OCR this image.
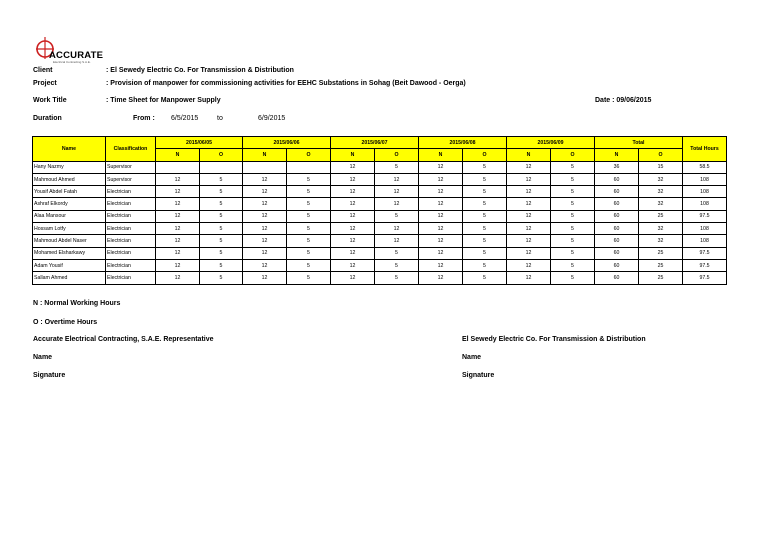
ACCURATE
Electrical Contracting S.A.E.
Client	: El Sewedy Electric Co. For Transmission & Distribution
Project	: Provision of manpower for commissioning activities for EEHC Substations in Sohag (Beit Dawood - Oerga)
Work Title	: Time Sheet for Manpower Supply	Date : 09/06/2015
Duration	From : 6/5/2015	to	6/9/2015
Name	Classification	2015/06/05		2015/06/06		2015/06/07		2015/06/08		2015/06/09		Total		Total Hours
		N	O	N	O	N	O	N	O	N	O	N	O	
Hany Nazmy	Supervisor					12	5	12	5	12	5	36	15	58.5
Mahmoud Ahmed	Supervisor	12	5	12	5	12	12	12	5	12	5	60	32	108
Yousif Abdel Fatah	Electrician	12	5	12	5	12	12	12	5	12	5	60	32	108
Ashraf Elkordy	Electrician	12	5	12	5	12	12	12	5	12	5	60	32	108
Alaa Mansour	Electrician	12	5	12	5	12	5	12	5	12	5	60	25	97.5
Hossam Lotfy	Electrician	12	5	12	5	12	12	12	5	12	5	60	32	108
Mahmoud Abdel Naser	Electrician	12	5	12	5	12	12	12	5	12	5	60	32	108
Mohamed Elsharkawy	Electrician	12	5	12	5	12	5	12	5	12	5	60	25	97.5
Adam Yousif	Electrician	12	5	12	5	12	5	12	5	12	5	60	25	97.5
Sallam Ahmed	Electrician	12	5	12	5	12	5	12	5	12	5	60	25	97.5
N : Normal Working Hours
O : Overtime Hours
Accurate Electrical Contracting, S.A.E. Representative	El Sewedy Electric Co. For Transmission & Distribution
Name	Name
Signature	Signature
